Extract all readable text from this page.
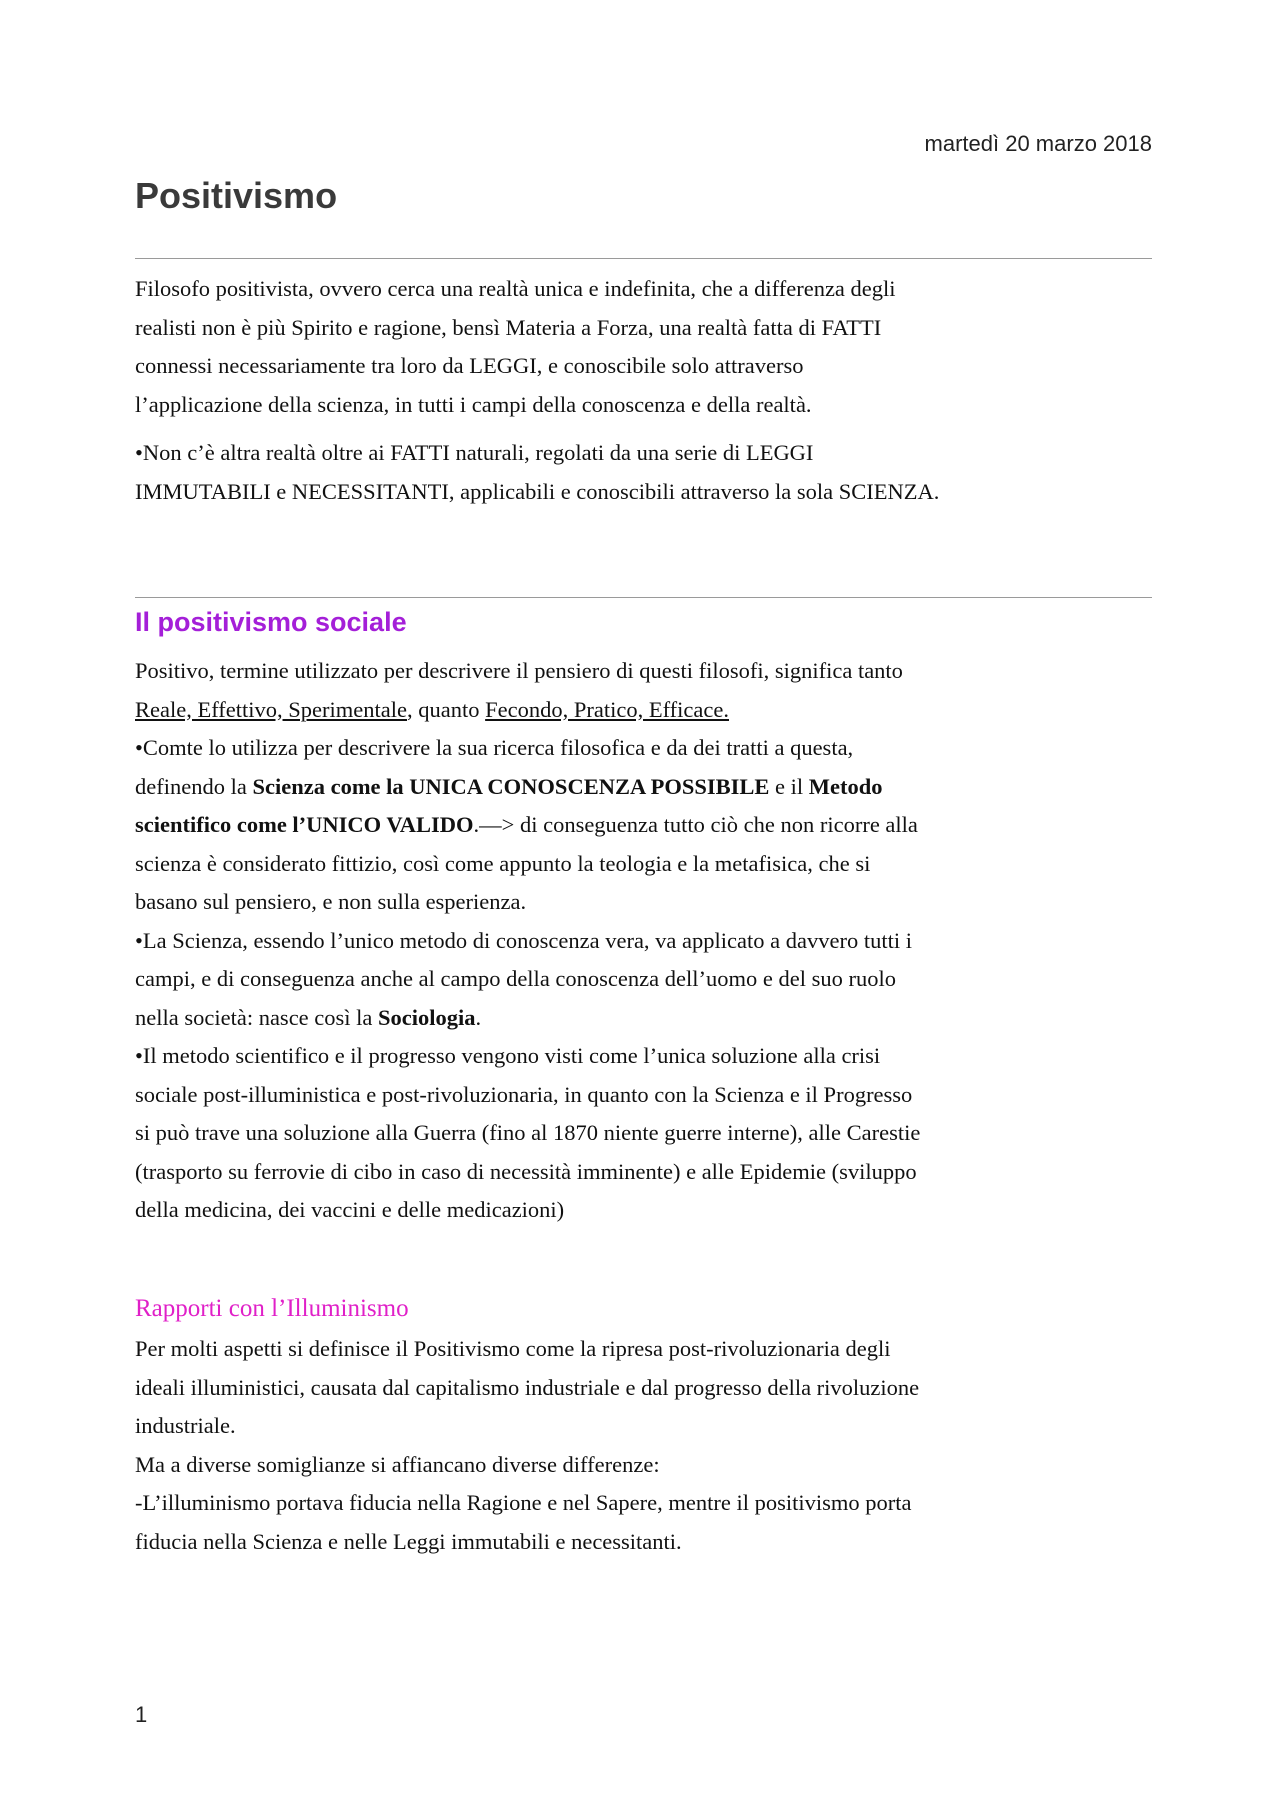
martedì 20 marzo 2018
Positivismo

Filosofo positivista, ovvero cerca una realtà unica e indefinita, che a differenza degli

realisti non è più Spirito e ragione, bensì Materia a Forza, una realtà fatta di FATTI

connessi necessariamente tra loro da LEGGI, e conoscibile solo attraverso

l’applicazione della scienza, in tutti i campi della conoscenza e della realtà.

•Non c’è altra realtà oltre ai FATTI naturali, regolati da una serie di LEGGI

IMMUTABILI e NECESSITANTI, applicabili e conoscibili attraverso la sola SCIENZA.

Il positivismo sociale

Positivo, termine utilizzato per descrivere il pensiero di questi filosofi, significa tanto

Reale, Effettivo, Sperimentale, quanto Fecondo, Pratico, Efficace.

•Comte lo utilizza per descrivere la sua ricerca filosofica e da dei tratti a questa,

definendo la Scienza come la UNICA CONOSCENZA POSSIBILE e il Metodo

scientifico come l’UNICO VALIDO.—> di conseguenza tutto ciò che non ricorre alla

scienza è considerato fittizio, così come appunto la teologia e la metafisica, che si

basano sul pensiero, e non sulla esperienza.

•La Scienza, essendo l’unico metodo di conoscenza vera, va applicato a davvero tutti i

campi, e di conseguenza anche al campo della conoscenza dell’uomo e del suo ruolo

nella società: nasce così la Sociologia.

•Il metodo scientifico e il progresso vengono visti come l’unica soluzione alla crisi

sociale post-illuministica e post-rivoluzionaria, in quanto con la Scienza e il Progresso

si può trave una soluzione alla Guerra (fino al 1870 niente guerre interne), alle Carestie

(trasporto su ferrovie di cibo in caso di necessità imminente) e alle Epidemie (sviluppo

della medicina, dei vaccini e delle medicazioni)

Rapporti con l’Illuminismo

Per molti aspetti si definisce il Positivismo come la ripresa post-rivoluzionaria degli

ideali illuministici, causata dal capitalismo industriale e dal progresso della rivoluzione

industriale.

Ma a diverse somiglianze si affiancano diverse differenze:

-L’illuminismo portava fiducia nella Ragione e nel Sapere, mentre il positivismo porta

fiducia nella Scienza e nelle Leggi immutabili e necessitanti.

1
